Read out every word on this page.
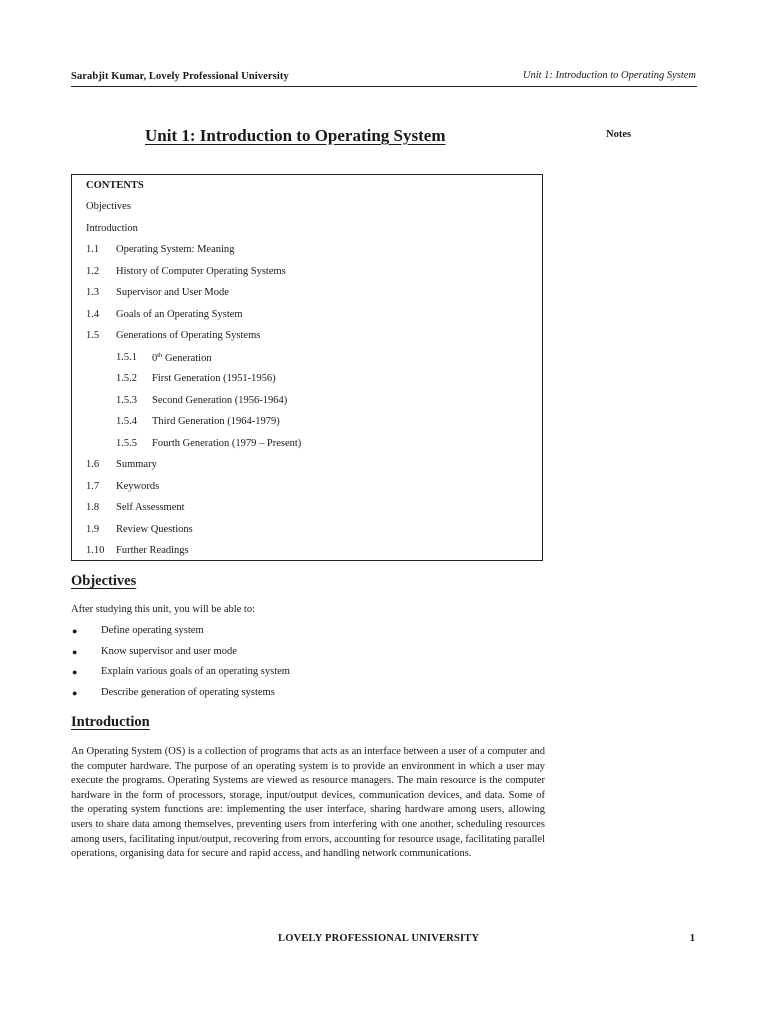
Sarabjit Kumar, Lovely Professional University	Unit 1: Introduction to Operating System
Unit 1: Introduction to Operating System	Notes
CONTENTS
Objectives
Introduction
1.1 Operating System: Meaning
1.2 History of Computer Operating Systems
1.3 Supervisor and User Mode
1.4 Goals of an Operating System
1.5 Generations of Operating Systems
1.5.1 0th Generation
1.5.2 First Generation (1951-1956)
1.5.3 Second Generation (1956-1964)
1.5.4 Third Generation (1964-1979)
1.5.5 Fourth Generation (1979 – Present)
1.6 Summary
1.7 Keywords
1.8 Self Assessment
1.9 Review Questions
1.10 Further Readings
Objectives
After studying this unit, you will be able to:
● Define operating system
● Know supervisor and user mode
● Explain various goals of an operating system
● Describe generation of operating systems
Introduction
An Operating System (OS) is a collection of programs that acts as an interface between a user of a computer and the computer hardware. The purpose of an operating system is to provide an environment in which a user may execute the programs. Operating Systems are viewed as resource managers. The main resource is the computer hardware in the form of processors, storage, input/output devices, communication devices, and data. Some of the operating system functions are: implementing the user interface, sharing hardware among users, allowing users to share data among themselves, preventing users from interfering with one another, scheduling resources among users, facilitating input/output, recovering from errors, accounting for resource usage, facilitating parallel operations, organising data for secure and rapid access, and handling network communications.
LOVELY PROFESSIONAL UNIVERSITY	1
